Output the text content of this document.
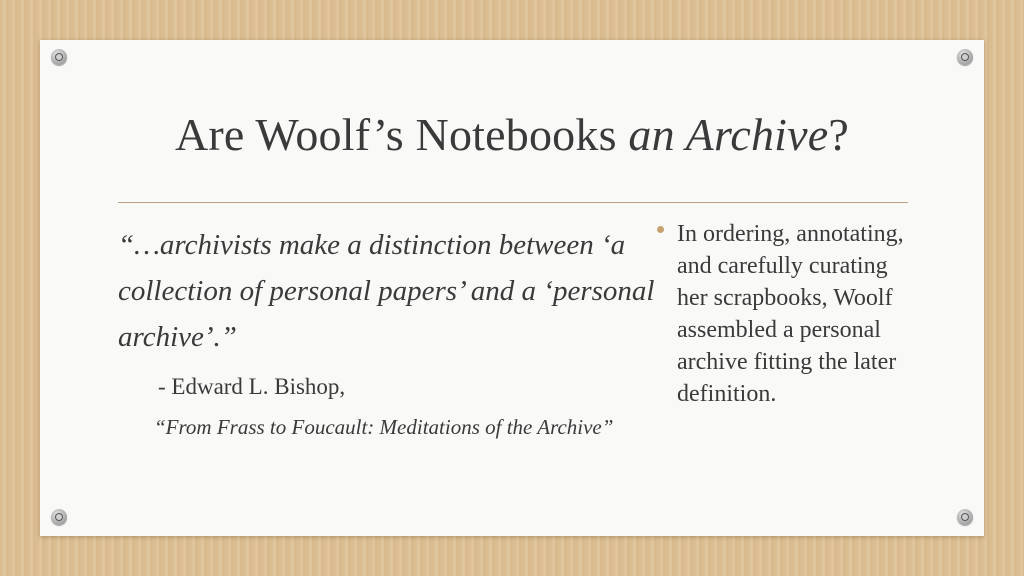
Are Woolf’s Notebooks an Archive?
“…archivists make a distinction between ‘a collection of personal papers’ and a ‘personal archive’.”
- Edward L. Bishop,
“From Frass to Foucault: Meditations of the Archive”
In ordering, annotating, and carefully curating her scrapbooks, Woolf assembled a personal archive fitting the later definition.
